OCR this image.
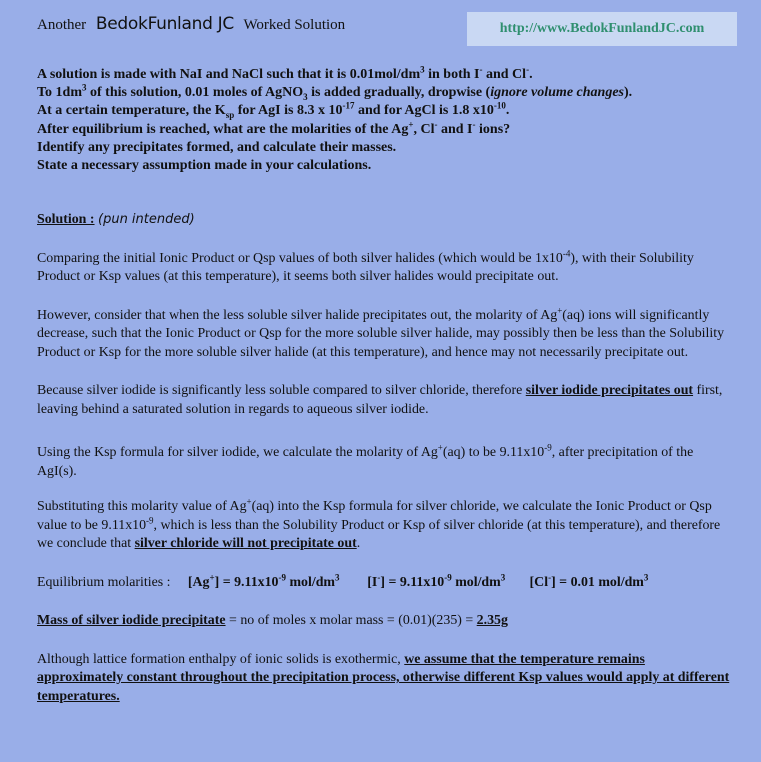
Another BedokFunland JC Worked Solution	http://www.BedokFunlandJC.com
A solution is made with NaI and NaCl such that it is $0.01mol/dm^3$ in both I- and Cl-.
To $1dm^3$ of this solution, 0.01 moles of AgNO$_3$ is added gradually, dropwise (ignore volume changes).
At a certain temperature, the $K_{sp}$ for AgI is 8.3 x $10^{-17}$ and for AgCl is 1.8 $x10^{-10}$.
After equilibrium is reached, what are the molarities of the Ag+, Cl- and I- ions?
Identify any precipitates formed, and calculate their masses.
State a necessary assumption made in your calculations.

Solution : (pun intended)

Comparing the initial Ionic Product or Qsp values of both silver halides (which would be $1x10^{-4}$), with their Solubility Product or Ksp values (at this temperature), it seems both silver halides would precipitate out.

However, consider that when the less soluble silver halide precipitates out, the molarity of Ag+(aq) ions will significantly decrease, such that the Ionic Product or Qsp for the more soluble silver halide, may possibly then be less than the Solubility Product or Ksp for the more soluble silver halide (at this temperature), and hence may not necessarily precipitate out.

Because silver iodide is significantly less soluble compared to silver chloride, therefore silver iodide precipitates out first, leaving behind a saturated solution in regards to aqueous silver iodide.

Using the Ksp formula for silver iodide, we calculate the molarity of Ag+(aq) to be $9.11x10^{-9}$, after precipitation of the AgI(s).

Substituting this molarity value of Ag+(aq) into the Ksp formula for silver chloride, we calculate the Ionic Product or Qsp value to be $9.11x10^{-9}$, which is less than the Solubility Product or Ksp of silver chloride (at this temperature), and therefore we conclude that silver chloride will not precipitate out.

Equilibrium molarities : $[Ag^+] = 9.11x10^{-9}$ mol/$dm^3$ $[I^-] = 9.11x10^{-9}$ mol/$dm^3$ [Cl-] = 0.01 mol/$dm^3$

Mass of silver iodide precipitate = no of moles x molar mass = (0.01)(235) = 2.35g

Although lattice formation enthalpy of ionic solids is exothermic, we assume that the temperature remains approximately constant throughout the precipitation process, otherwise different Ksp values would apply at different temperatures.
